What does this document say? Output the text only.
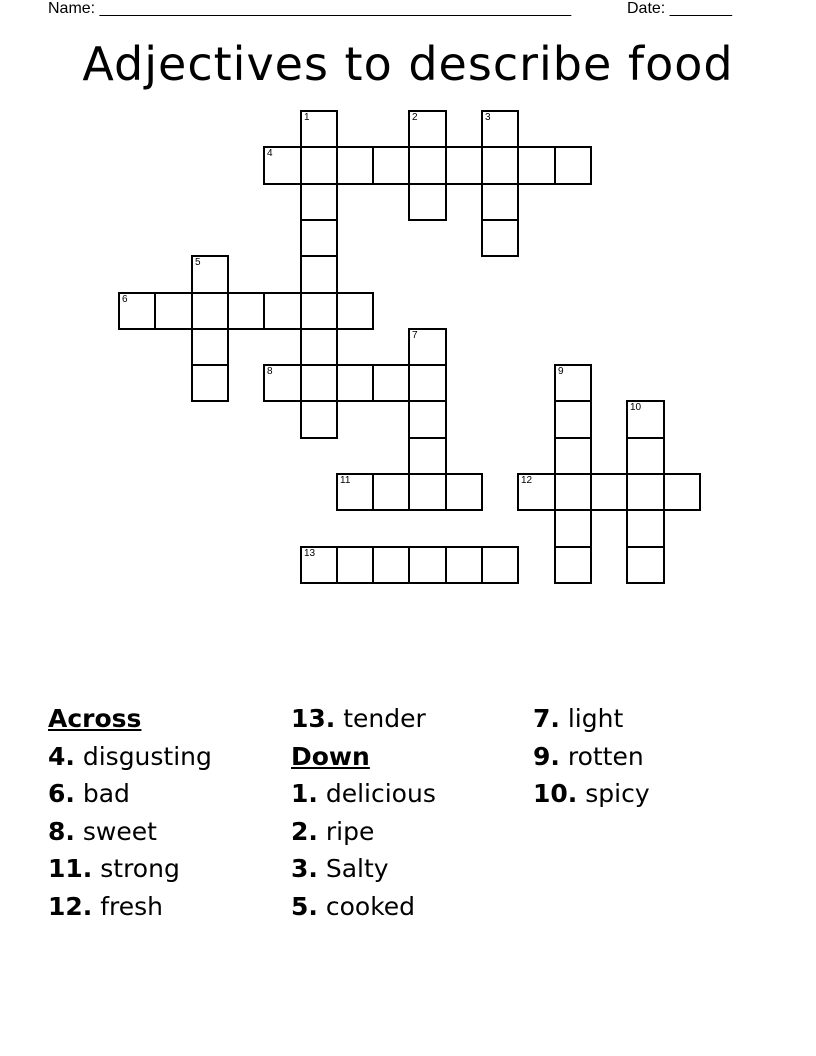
Name: _____________________________________________________

	Date: _______

Adjectives to describe food
1	2	3
4
5
6
7
8	9
10
11	12
13
Across
4. disgusting
6. bad
8. sweet
11. strong
12. fresh
13. tender
Down
1. delicious
2. ripe
3. Salty
5. cooked
7. light
9. rotten
10. spicy
